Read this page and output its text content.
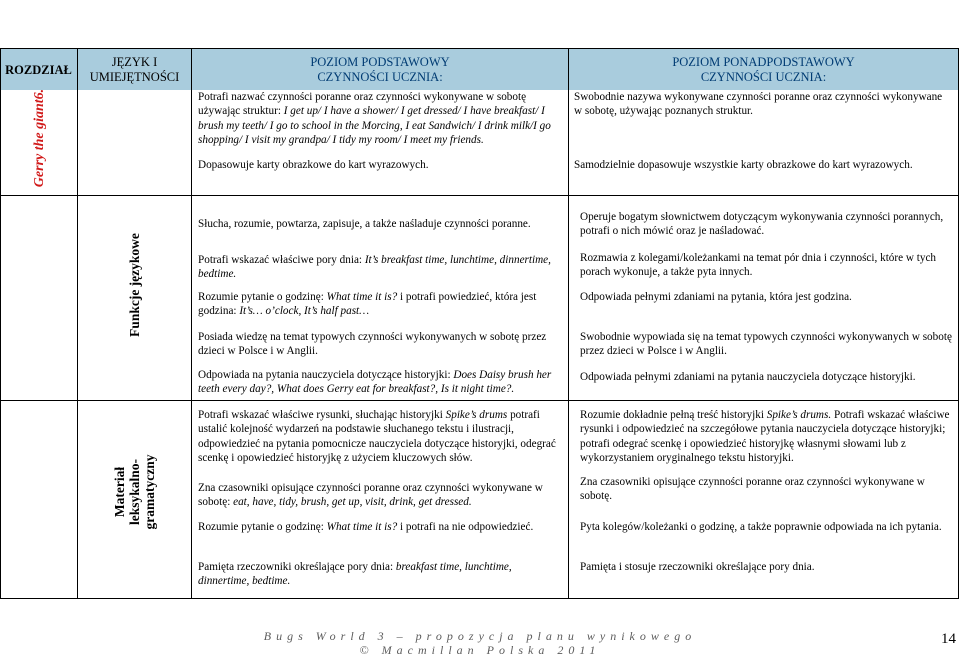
ROZDZIAŁ
JĘZYK I
UMIEJĘTNOŚCI
POZIOM PODSTAWOWY
CZYNNOŚCI UCZNIA:
POZIOM PONADPODSTAWOWY
CZYNNOŚCI UCZNIA:
Gerry the giant6.	Potrafi nazwać czynności poranne oraz czynności wykonywane w sobotę używając struktur: I get up/ I have a shower/ I get dressed/ I have breakfast/ I brush my teeth/ I go to school in the Morcing, I eat Sandwich/ I drink milk/I go shopping/ I visit my grandpa/ I tidy my room/ I meet my friends.
Dopasowuje karty obrazkowe do kart wyrazowych.
Swobodnie nazywa wykonywane czynności poranne oraz czynności wykonywane w sobotę, używając poznanych struktur.
Samodzielnie dopasowuje wszystkie karty obrazkowe do kart wyrazowych.
Funkcje językowe
Słucha, rozumie, powtarza, zapisuje, a także naśladuje czynności poranne.
Potrafi wskazać właściwe pory dnia: It’s breakfast time, lunchtime, dinnertime, bedtime.
Rozumie pytanie o godzinę: What time it is? i potrafi powiedzieć, która jest godzina: It’s… o’clock, It’s half past…
Posiada wiedzę na temat typowych czynności wykonywanych w sobotę przez dzieci w Polsce i w Anglii.
Odpowiada na pytania nauczyciela dotyczące historyjki: Does Daisy brush her teeth every day?, What does Gerry eat for breakfast?, Is it night time?.
Operuje bogatym słownictwem dotyczącym wykonywania czynności porannych, potrafi o nich mówić oraz je naśladować.
Rozmawia z kolegami/koleżankami na temat pór dnia i czynności, które w tych porach wykonuje, a także pyta innych.
Odpowiada pełnymi zdaniami na pytania, która jest godzina.
Swobodnie wypowiada się na temat typowych czynności wykonywanych w sobotę przez dzieci w Polsce i w Anglii.
Odpowiada pełnymi zdaniami na pytania nauczyciela dotyczące historyjki.
Materiał leksykalno- gramatyczny
Potrafi wskazać właściwe rysunki, słuchając historyjki Spike’s drums potrafi ustalić kolejność wydarzeń na podstawie słuchanego tekstu i ilustracji, odpowiedzieć na pytania pomocnicze nauczyciela dotyczące historyjki, odegrać scenkę i opowiedzieć historyjkę z użyciem kluczowych słów.
Zna czasowniki opisujące czynności poranne oraz czynności wykonywane w sobotę: eat, have, tidy, brush, get up, visit, drink, get dressed.
Rozumie pytanie o godzinę: What time it is? i potrafi na nie odpowiedzieć.
Pamięta rzeczowniki określające pory dnia: breakfast time, lunchtime, dinnertime, bedtime.
Rozumie dokładnie pełną treść historyjki Spike’s drums. Potrafi wskazać właściwe rysunki i odpowiedzieć na szczegółowe pytania nauczyciela dotyczące historyjki; potrafi odegrać scenkę i opowiedzieć historyjkę własnymi słowami lub z wykorzystaniem oryginalnego tekstu historyjki.
Zna czasowniki opisujące czynności poranne oraz czynności wykonywane w sobotę.
Pyta kolegów/koleżanki o godzinę, a także poprawnie odpowiada na ich pytania.
Pamięta i stosuje rzeczowniki określające pory dnia.
Bugs World 3 – propozycja planu wynikowego
© Macmillan Polska 2011
14
